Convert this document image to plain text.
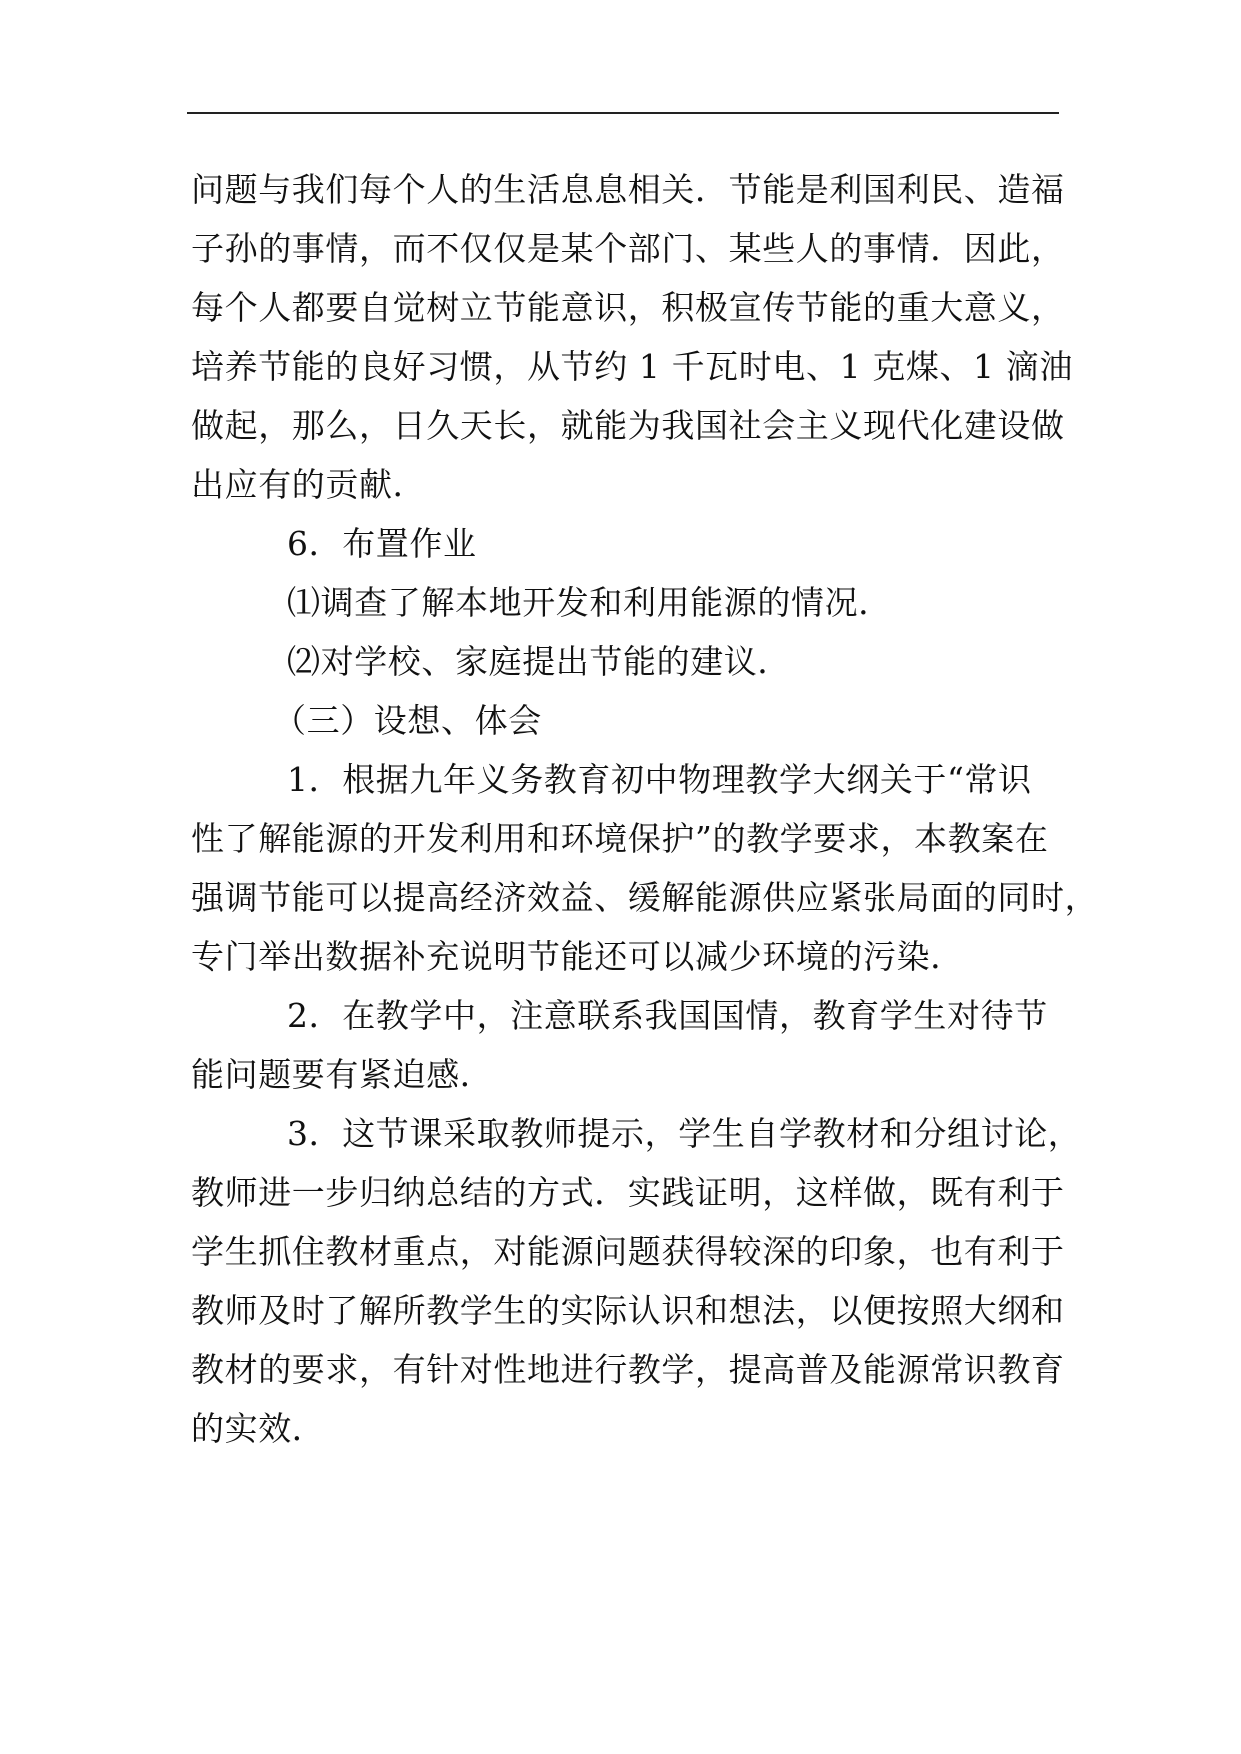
问题与我们每个人的生活息息相关．节能是利国利民、造福
子孙的事情，而不仅仅是某个部门、某些人的事情．因此，
每个人都要自觉树立节能意识，积极宣传节能的重大意义，
培养节能的良好习惯，从节约 1 千瓦时电、1 克煤、1 滴油
做起，那么，日久天长，就能为我国社会主义现代化建设做
出应有的贡献．
6．布置作业
⑴调查了解本地开发和利用能源的情况．
⑵对学校、家庭提出节能的建议．
（三）设想、体会
1．根据九年义务教育初中物理教学大纲关于“常识
性了解能源的开发利用和环境保护”的教学要求，本教案在
强调节能可以提高经济效益、缓解能源供应紧张局面的同时，
专门举出数据补充说明节能还可以减少环境的污染．
2．在教学中，注意联系我国国情，教育学生对待节
能问题要有紧迫感．
3．这节课采取教师提示，学生自学教材和分组讨论，
教师进一步归纳总结的方式．实践证明，这样做，既有利于
学生抓住教材重点，对能源问题获得较深的印象，也有利于
教师及时了解所教学生的实际认识和想法，以便按照大纲和
教材的要求，有针对性地进行教学，提高普及能源常识教育
的实效．
